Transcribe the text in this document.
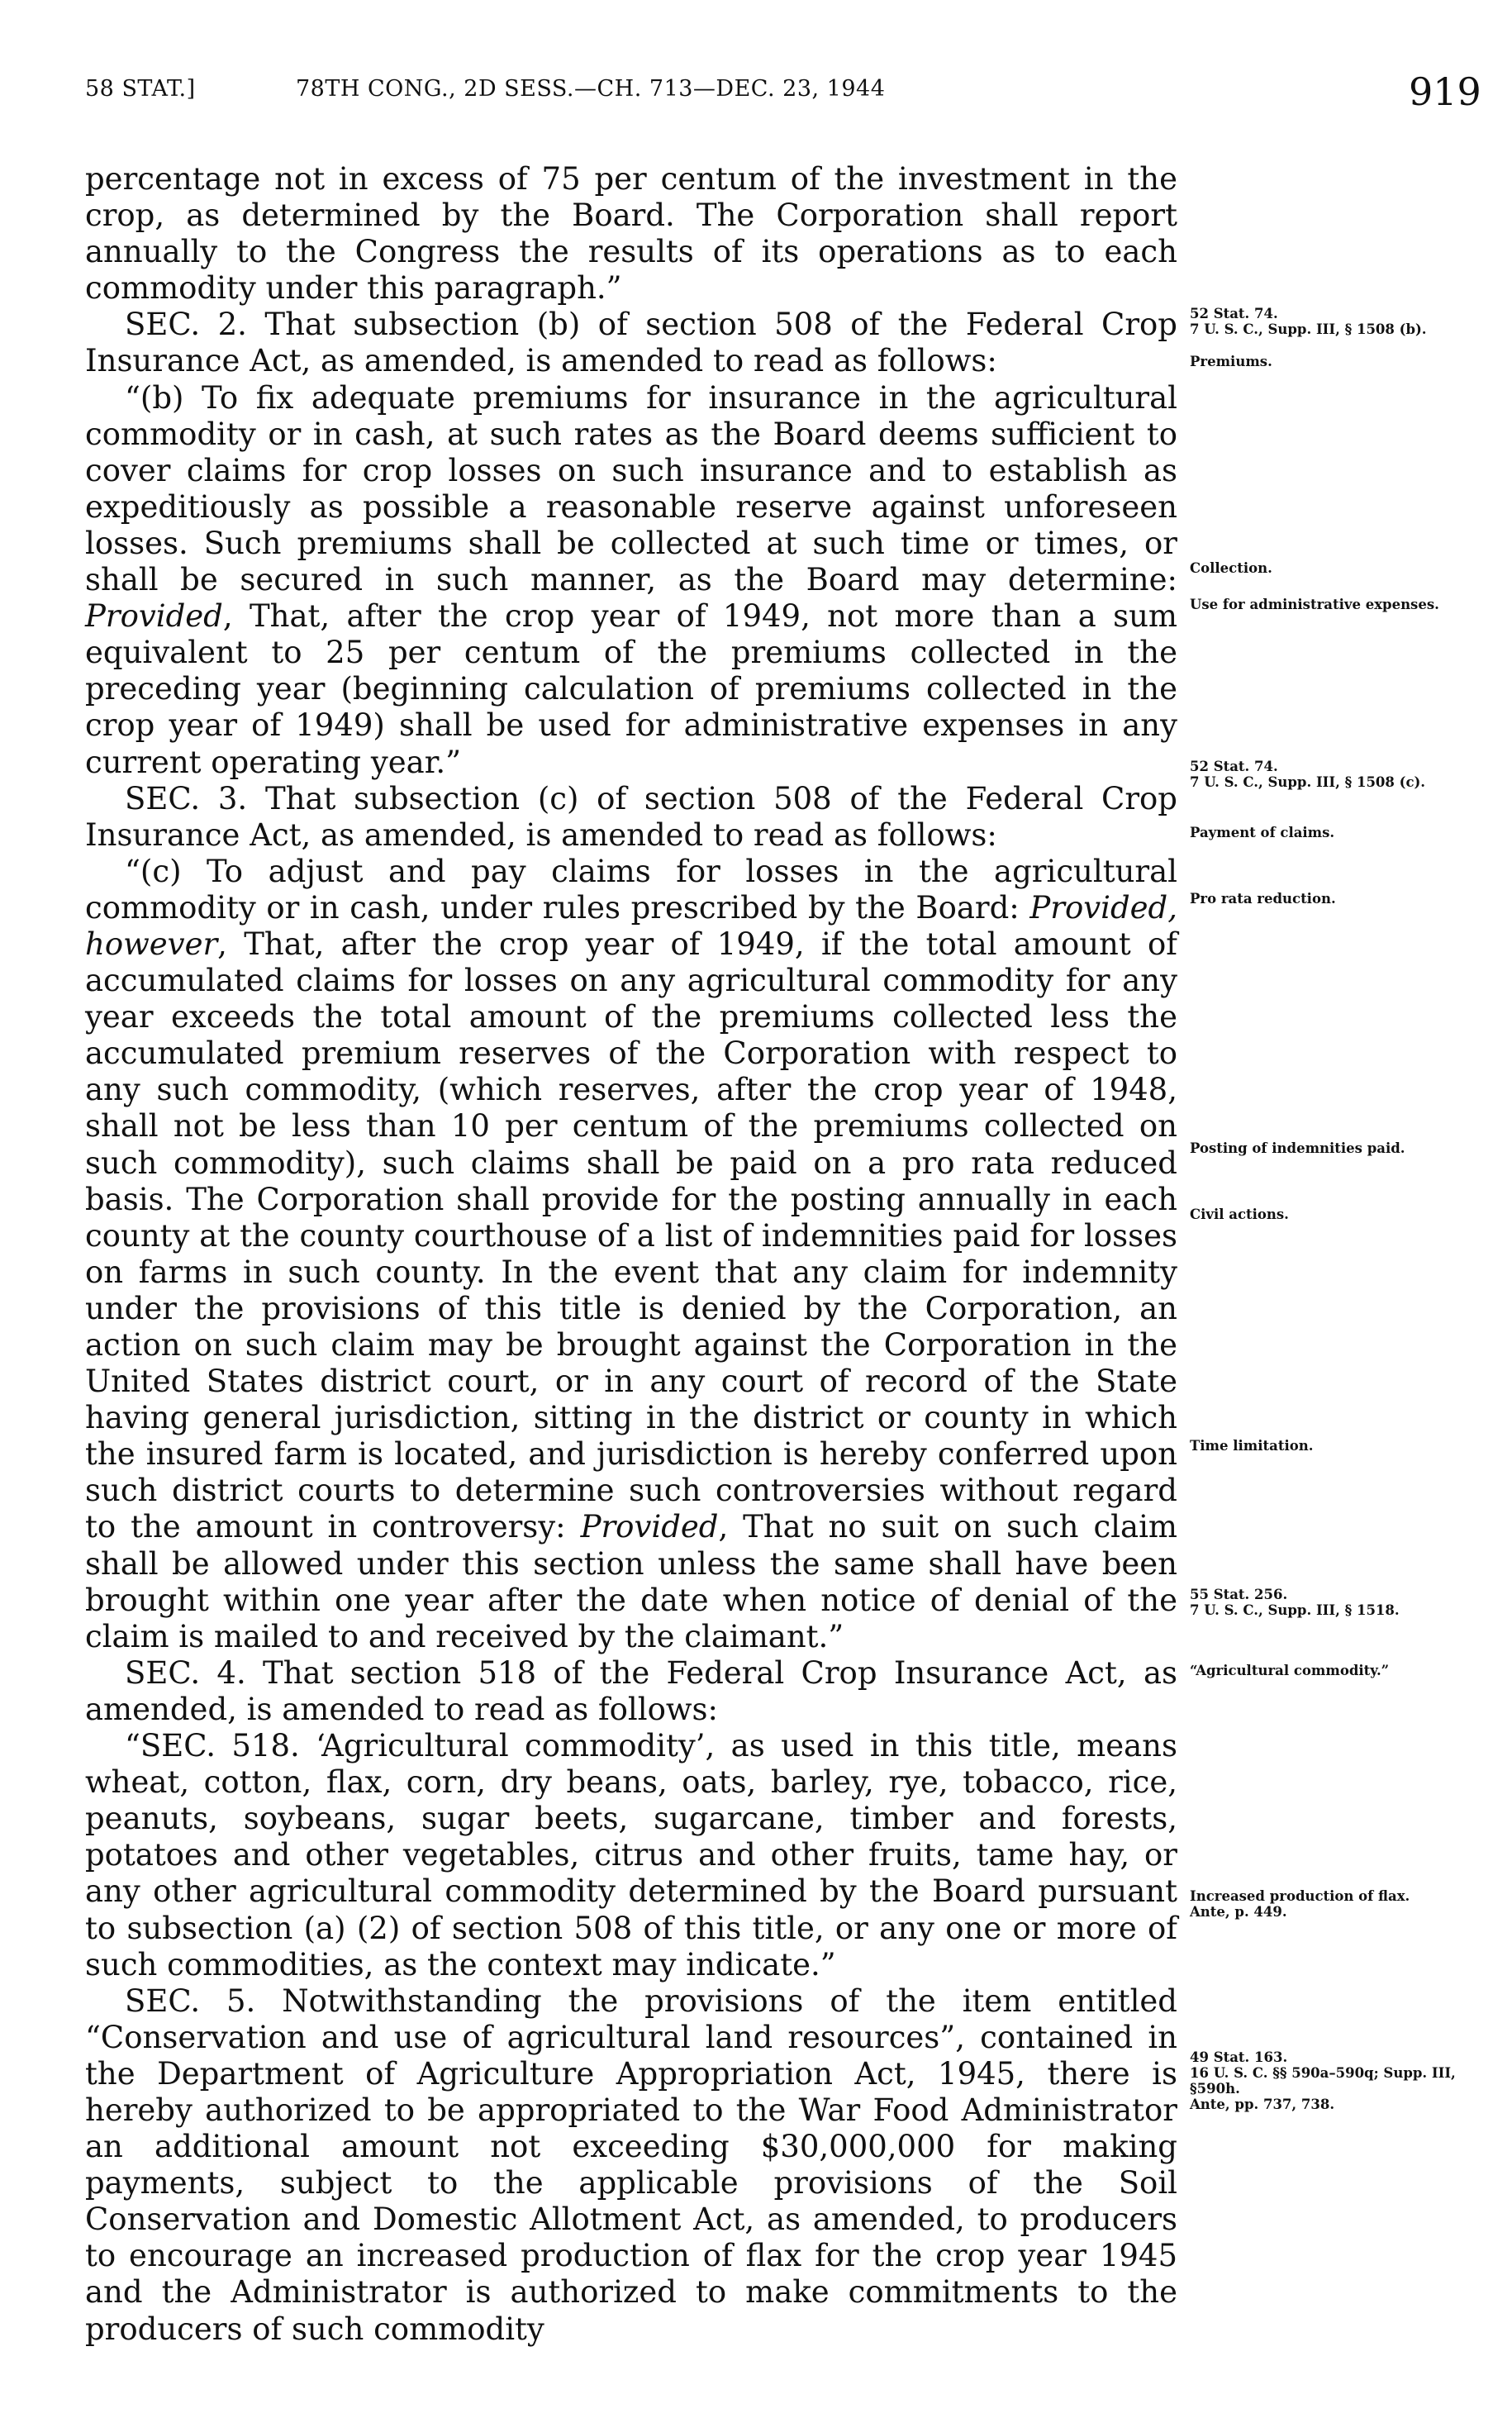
58 STAT.]	78TH CONG., 2D SESS.—CH. 713—DEC. 23, 1944	919

percentage not in excess of 75 per centum of the investment in the crop, as determined by the Board. The Corporation shall report annually to the Congress the results of its operations as to each commodity under this paragraph.”

SEC. 2. That subsection (b) of section 508 of the Federal Crop Insurance Act, as amended, is amended to read as follows:

“(b) To fix adequate premiums for insurance in the agricultural commodity or in cash, at such rates as the Board deems sufficient to cover claims for crop losses on such insurance and to establish as expeditiously as possible a reasonable reserve against unforeseen losses. Such premiums shall be collected at such time or times, or shall be secured in such manner, as the Board may determine: Provided, That, after the crop year of 1949, not more than a sum equivalent to 25 per centum of the premiums collected in the preceding year (beginning calculation of premiums collected in the crop year of 1949) shall be used for administrative expenses in any current operating year.”

SEC. 3. That subsection (c) of section 508 of the Federal Crop Insurance Act, as amended, is amended to read as follows:

“(c) To adjust and pay claims for losses in the agricultural commodity or in cash, under rules prescribed by the Board: Provided, however, That, after the crop year of 1949, if the total amount of accumulated claims for losses on any agricultural commodity for any year exceeds the total amount of the premiums collected less the accumulated premium reserves of the Corporation with respect to any such commodity, (which reserves, after the crop year of 1948, shall not be less than 10 per centum of the premiums collected on such commodity), such claims shall be paid on a pro rata reduced basis. The Corporation shall provide for the posting annually in each county at the county courthouse of a list of indemnities paid for losses on farms in such county. In the event that any claim for indemnity under the provisions of this title is denied by the Corporation, an action on such claim may be brought against the Corporation in the United States district court, or in any court of record of the State having general jurisdiction, sitting in the district or county in which the insured farm is located, and jurisdiction is hereby conferred upon such district courts to determine such controversies without regard to the amount in controversy: Provided, That no suit on such claim shall be allowed under this section unless the same shall have been brought within one year after the date when notice of denial of the claim is mailed to and received by the claimant.”

SEC. 4. That section 518 of the Federal Crop Insurance Act, as amended, is amended to read as follows:

“SEC. 518. ‘Agricultural commodity’, as used in this title, means wheat, cotton, flax, corn, dry beans, oats, barley, rye, tobacco, rice, peanuts, soybeans, sugar beets, sugarcane, timber and forests, potatoes and other vegetables, citrus and other fruits, tame hay, or any other agricultural commodity determined by the Board pursuant to subsection (a) (2) of section 508 of this title, or any one or more of such commodities, as the context may indicate.”

SEC. 5. Notwithstanding the provisions of the item entitled “Conservation and use of agricultural land resources”, contained in the Department of Agriculture Appropriation Act, 1945, there is hereby authorized to be appropriated to the War Food Administrator an additional amount not exceeding $30,000,000 for making payments, subject to the applicable provisions of the Soil Conservation and Domestic Allotment Act, as amended, to producers to encourage an increased production of flax for the crop year 1945 and the Administrator is authorized to make commitments to the producers of such commodity

52 Stat. 74.
7 U. S. C., Supp. III, § 1508 (b).
Premiums.
Collection.
Use for administrative expenses.
52 Stat. 74.
7 U. S. C., Supp. III, § 1508 (c).
Payment of claims.
Pro rata reduction.
Posting of indemnities paid.
Civil actions.
Time limitation.
55 Stat. 256.
7 U. S. C., Supp. III, § 1518.
“Agricultural commodity.”
Increased production of flax.
Ante, p. 449.
49 Stat. 163.
16 U. S. C. §§ 590a–590q; Supp. III, §590h.
Ante, pp. 737, 738.
